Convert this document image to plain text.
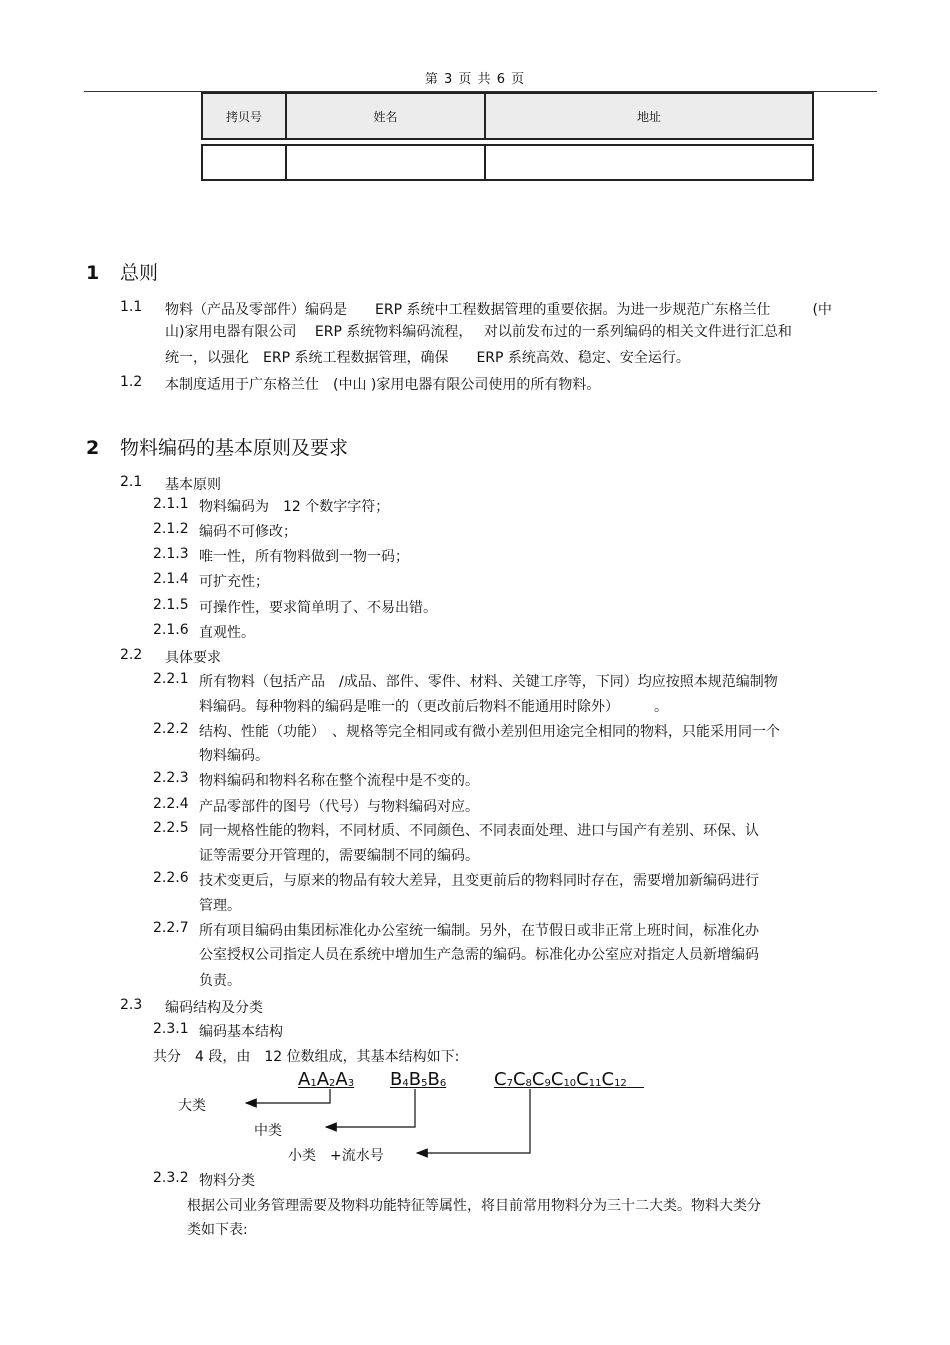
第 3 页 共 6 页
拷贝号	姓名	地址

1 总则
1.1 物料（产品及零部件）编码是　　ERP 系统中工程数据管理的重要依据。为进一步规范广东格兰仕　　　(中
山)家用电器有限公司　 ERP 系统物料编码流程，　 对以前发布过的一系列编码的相关文件进行汇总和
统一，以强化　ERP 系统工程数据管理，确保　　ERP 系统高效、稳定、安全运行。
1.2 本制度适用于广东格兰仕　(中山 )家用电器有限公司使用的所有物料。
2 物料编码的基本原则及要求
2.1 基本原则
2.1.1 物料编码为　12 个数字字符；
2.1.2 编码不可修改；
2.1.3 唯一性，所有物料做到一物一码；
2.1.4 可扩充性；
2.1.5 可操作性，要求简单明了、不易出错。
2.1.6 直观性。
2.2 具体要求
2.2.1 所有物料（包括产品　/成品、部件、零件、材料、关键工序等，下同）均应按照本规范编制物
料编码。每种物料的编码是唯一的（更改前后物料不能通用时除外）　　　。
2.2.2 结构、性能（功能）　、规格等完全相同或有微小差别但用途完全相同的物料，只能采用同一个
物料编码。
2.2.3 物料编码和物料名称在整个流程中是不变的。
2.2.4 产品零部件的图号（代号）与物料编码对应。
2.2.5 同一规格性能的物料，不同材质、不同颜色、不同表面处理、进口与国产有差别、环保、认
证等需要分开管理的，需要编制不同的编码。
2.2.6 技术变更后，与原来的物品有较大差异，且变更前后的物料同时存在，需要增加新编码进行
管理。
2.2.7 所有项目编码由集团标准化办公室统一编制。另外，在节假日或非正常上班时间，标准化办
公室授权公司指定人员在系统中增加生产急需的编码。标准化办公室应对指定人员新增编码
负责。
2.3 编码结构及分类
2.3.1 编码基本结构
共分　4 段，由　12 位数组成，其基本结构如下:
$A_1A_2A_3$ $B_4B_5B_6$	$C_7C_8C_9C_{10}C_{11}C_{12}$
大类
中类
小类　+流水号
2.3.2 物料分类
根据公司业务管理需要及物料功能特征等属性，将目前常用物料分为三十二大类。物料大类分
类如下表:
